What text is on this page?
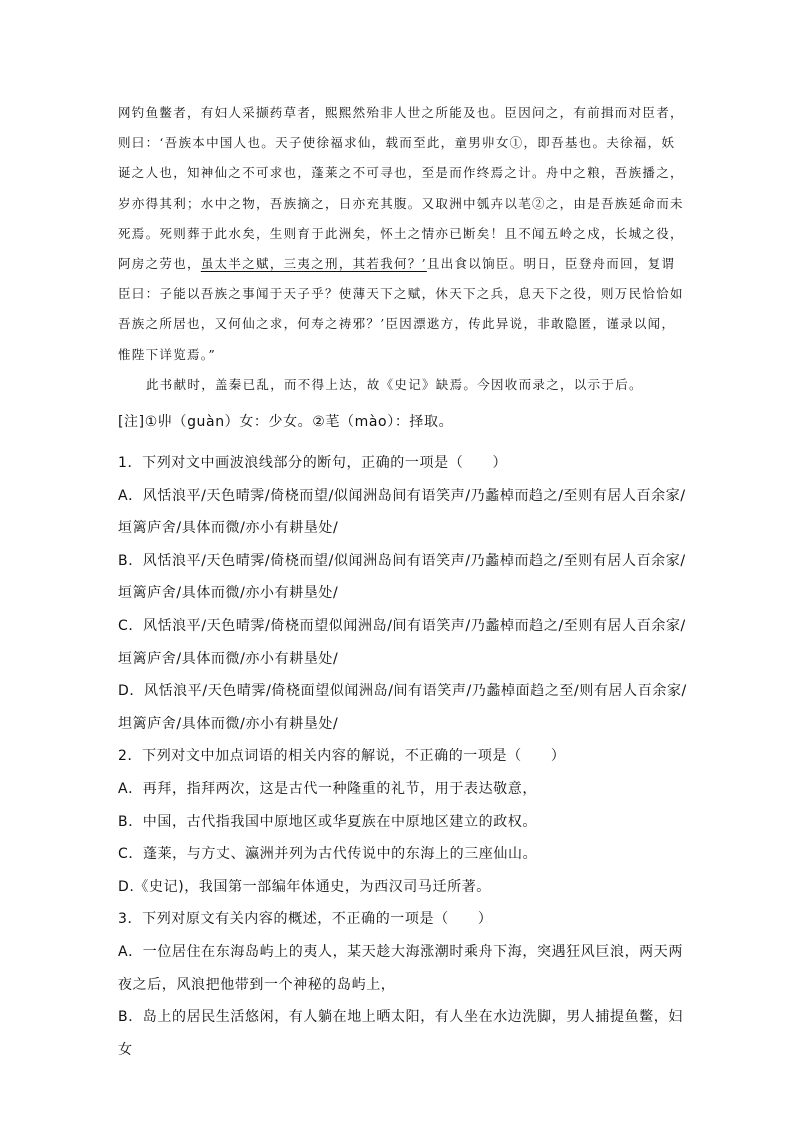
网钓鱼鳖者，有妇人采撷药草者，熙熙然殆非人世之所能及也。臣因问之，有前揖而对臣者，则曰：‘吾族本中国人也。天子使徐福求仙，载而至此，童男丱女①，即吾基也。夫徐福，妖诞之人也，知神仙之不可求也，蓬莱之不可寻也，至是而作终焉之计。舟中之粮，吾族播之，岁亦得其利；水中之物，吾族摘之，日亦充其腹。又取洲中瓠卉以芼②之，由是吾族延命而未死焉。死则葬于此水矣，生则育于此洲矣，怀土之情亦已断矣！且不闻五岭之戍，长城之役，阿房之劳也，虽太半之赋，三夷之刑，其若我何？’且出食以饷臣。明日，臣登舟而回，复谓臣曰：子能以吾族之事闻于天子乎？使薄天下之赋，休天下之兵，息天下之役，则万民恰恰如吾族之所居也，又何仙之求，何寿之祷邪？’臣因漂逖方，传此异说，非敢隐匿，谨录以闻，惟陛下详览焉。”

此书献时，盖秦已乱，而不得上达，故《史记》缺焉。今因收而录之，以示于后。

[注]①丱（guàn）女：少女。②芼（mào）：择取。

1．下列对文中画波浪线部分的断句，正确的一项是（　　）

A．风恬浪平/天色晴霁/倚桡而望/似闻洲岛间有语笑声/乃蠡棹而趋之/至则有居人百余家/垣篱庐舍/具体而微/亦小有耕垦处/

B．风恬浪平/天色晴霁/倚桡而望/似闻洲岛间有语笑声/乃蠡棹而趋之/至则有居人百余家/垣篱庐舍/具体而微/亦小有耕垦处/

C．风恬浪平/天色晴霁/倚桡而望似闻洲岛/间有语笑声/乃蠡棹而趋之/至则有居人百余家/垣篱庐舍/具体而微/亦小有耕垦处/

D．风恬浪平/天色晴霁/倚桡面望似闻洲岛/间有语笑声/乃蠡棹面趋之至/则有居人百余家/坦篱庐舍/具体而微/亦小有耕垦处/

2．下列对文中加点词语的相关内容的解说，不正确的一项是（　　）

A．再拜，指拜两次，这是古代一种隆重的礼节，用于表达敬意，

B．中国，古代指我国中原地区或华夏族在中原地区建立的政权。

C．蓬莱，与方丈、瀛洲并列为古代传说中的东海上的三座仙山。

D.《史记)，我国第一部编年体通史，为西汉司马迁所著。

3．下列对原文有关内容的概述，不正确的一项是（　　）

A．一位居住在东海岛屿上的夷人，某天趁大海涨潮时乘舟下海，突遇狂风巨浪，两天两夜之后，风浪把他带到一个神秘的岛屿上，

B．岛上的居民生活悠闲，有人躺在地上晒太阳，有人坐在水边洗脚，男人捕提鱼鳖，妇女
